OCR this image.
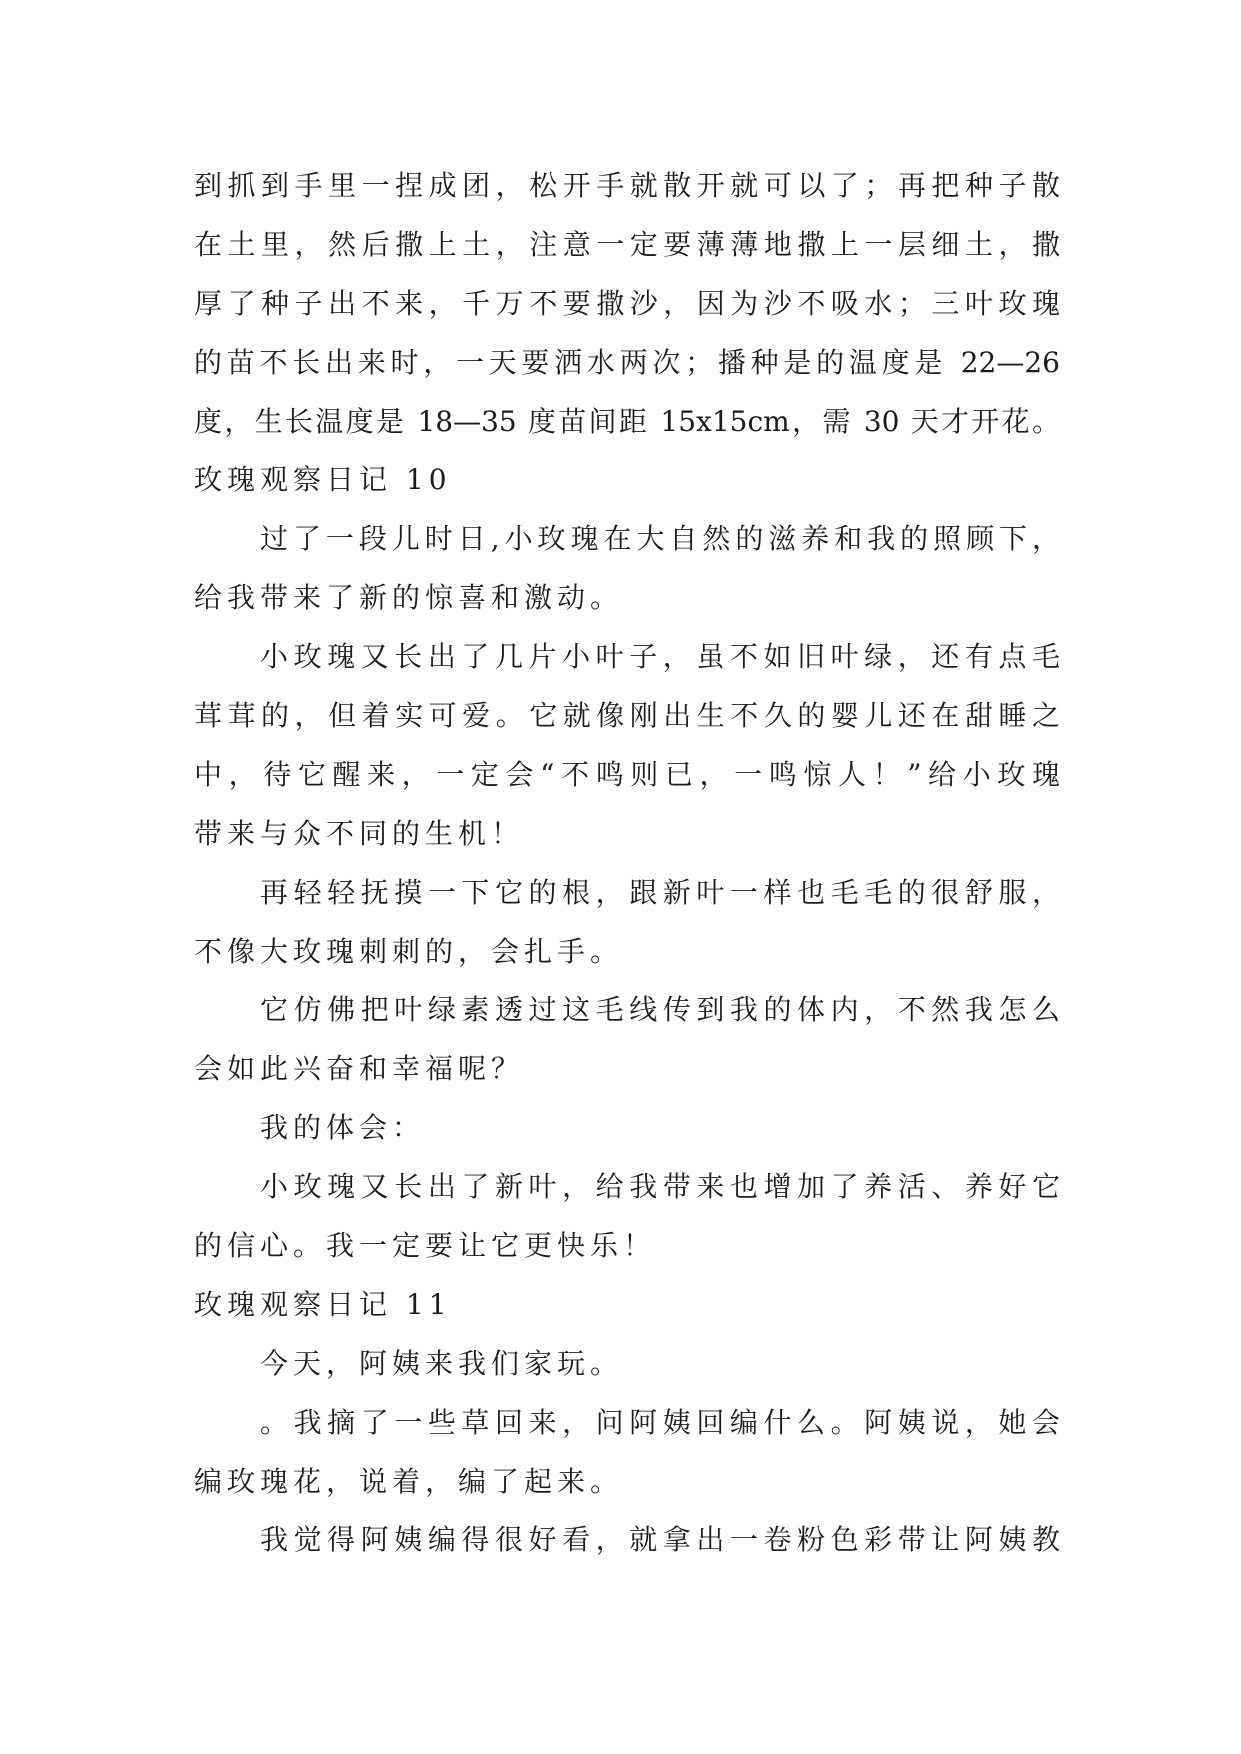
到抓到手里一捏成团，松开手就散开就可以了；再把种子散
在土里，然后撒上土，注意一定要薄薄地撒上一层细土，撒
厚了种子出不来，千万不要撒沙，因为沙不吸水；三叶玫瑰
的苗不长出来时，一天要洒水两次；播种是的温度是 22—26
度，生长温度是 18—35 度苗间距 15x15cm，需 30 天才开花。
玫瑰观察日记 10
过了一段儿时日,小玫瑰在大自然的滋养和我的照顾下，
给我带来了新的惊喜和激动。
小玫瑰又长出了几片小叶子，虽不如旧叶绿，还有点毛
茸茸的，但着实可爱。它就像刚出生不久的婴儿还在甜睡之
中，待它醒来，一定会“不鸣则已，一鸣惊人！”给小玫瑰
带来与众不同的生机！
再轻轻抚摸一下它的根，跟新叶一样也毛毛的很舒服，
不像大玫瑰刺刺的，会扎手。
它仿佛把叶绿素透过这毛线传到我的体内，不然我怎么
会如此兴奋和幸福呢？
我的体会：
小玫瑰又长出了新叶，给我带来也增加了养活、养好它
的信心。我一定要让它更快乐！
玫瑰观察日记 11
今天，阿姨来我们家玩。
。我摘了一些草回来，问阿姨回编什么。阿姨说，她会
编玫瑰花，说着，编了起来。
我觉得阿姨编得很好看，就拿出一卷粉色彩带让阿姨教
